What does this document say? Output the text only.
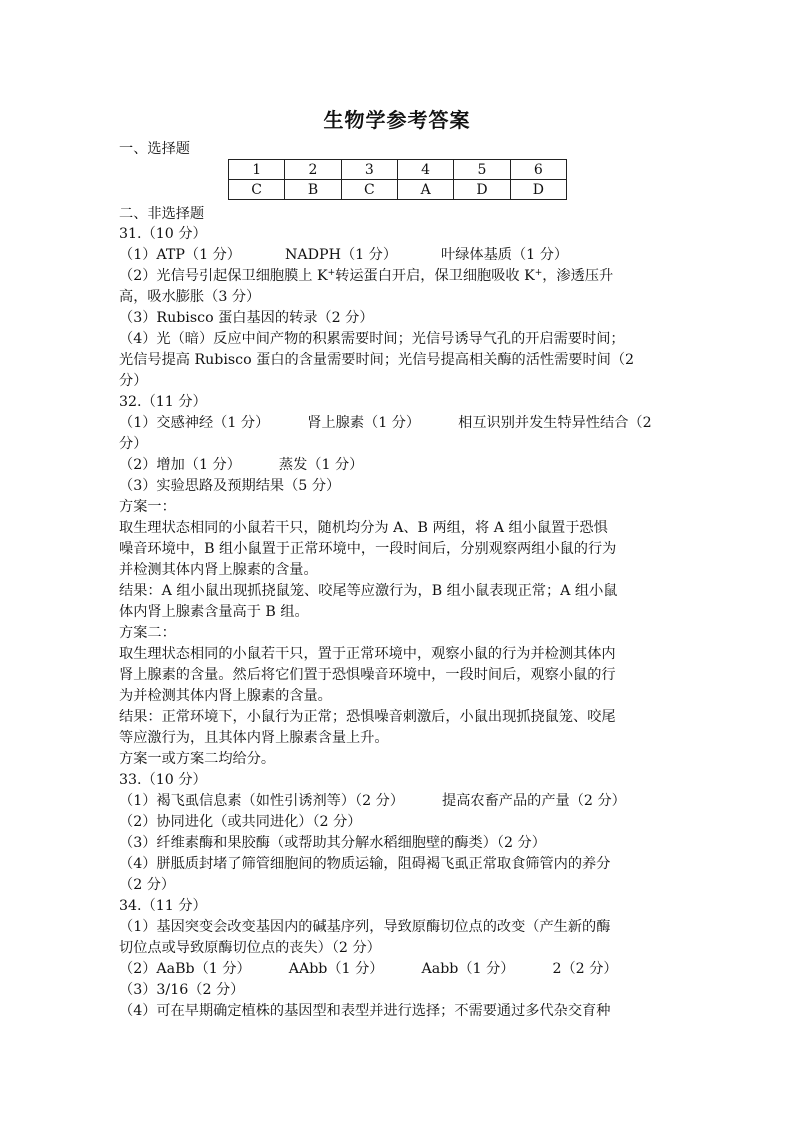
生物学参考答案
一、选择题
1	2	3	4	5	6
C	B	C	A	D	D
二、非选择题
31.（10 分）
（1）ATP（1 分）	NADPH（1 分）	叶绿体基质（1 分）
（2）光信号引起保卫细胞膜上 K+转运蛋白开启，保卫细胞吸收 K+，渗透压升
高，吸水膨胀（3 分）
（3）Rubisco 蛋白基因的转录（2 分）
（4）光（暗）反应中间产物的积累需要时间；光信号诱导气孔的开启需要时间；
光信号提高 Rubisco 蛋白的含量需要时间；光信号提高相关酶的活性需要时间（2
分）
32.（11 分）
（1）交感神经（1 分）	肾上腺素（1 分）	相互识别并发生特异性结合（2
分）
（2）增加（1 分）	蒸发（1 分）
（3）实验思路及预期结果（5 分）
方案一：
取生理状态相同的小鼠若干只，随机均分为 A、B 两组，将 A 组小鼠置于恐惧
噪音环境中，B 组小鼠置于正常环境中，一段时间后，分别观察两组小鼠的行为
并检测其体内肾上腺素的含量。
结果：A 组小鼠出现抓挠鼠笼、咬尾等应激行为，B 组小鼠表现正常；A 组小鼠
体内肾上腺素含量高于 B 组。
方案二：
取生理状态相同的小鼠若干只，置于正常环境中，观察小鼠的行为并检测其体内
肾上腺素的含量。然后将它们置于恐惧噪音环境中，一段时间后，观察小鼠的行
为并检测其体内肾上腺素的含量。
结果：正常环境下，小鼠行为正常；恐惧噪音刺激后，小鼠出现抓挠鼠笼、咬尾
等应激行为，且其体内肾上腺素含量上升。
方案一或方案二均给分。
33.（10 分）
（1）褐飞虱信息素（如性引诱剂等）（2 分）	提高农畜产品的产量（2 分）
（2）协同进化（或共同进化）（2 分）
（3）纤维素酶和果胶酶（或帮助其分解水稻细胞壁的酶类）（2 分）
（4）胼胝质封堵了筛管细胞间的物质运输，阻碍褐飞虱正常取食筛管内的养分
（2 分）
34.（11 分）
（1）基因突变会改变基因内的碱基序列，导致原酶切位点的改变（产生新的酶
切位点或导致原酶切位点的丧失）（2 分）
（2）AaBb（1 分）	AAbb（1 分）	Aabb（1 分）	2（2 分）
（3）3/16（2 分）
（4）可在早期确定植株的基因型和表型并进行选择；不需要通过多代杂交育种
